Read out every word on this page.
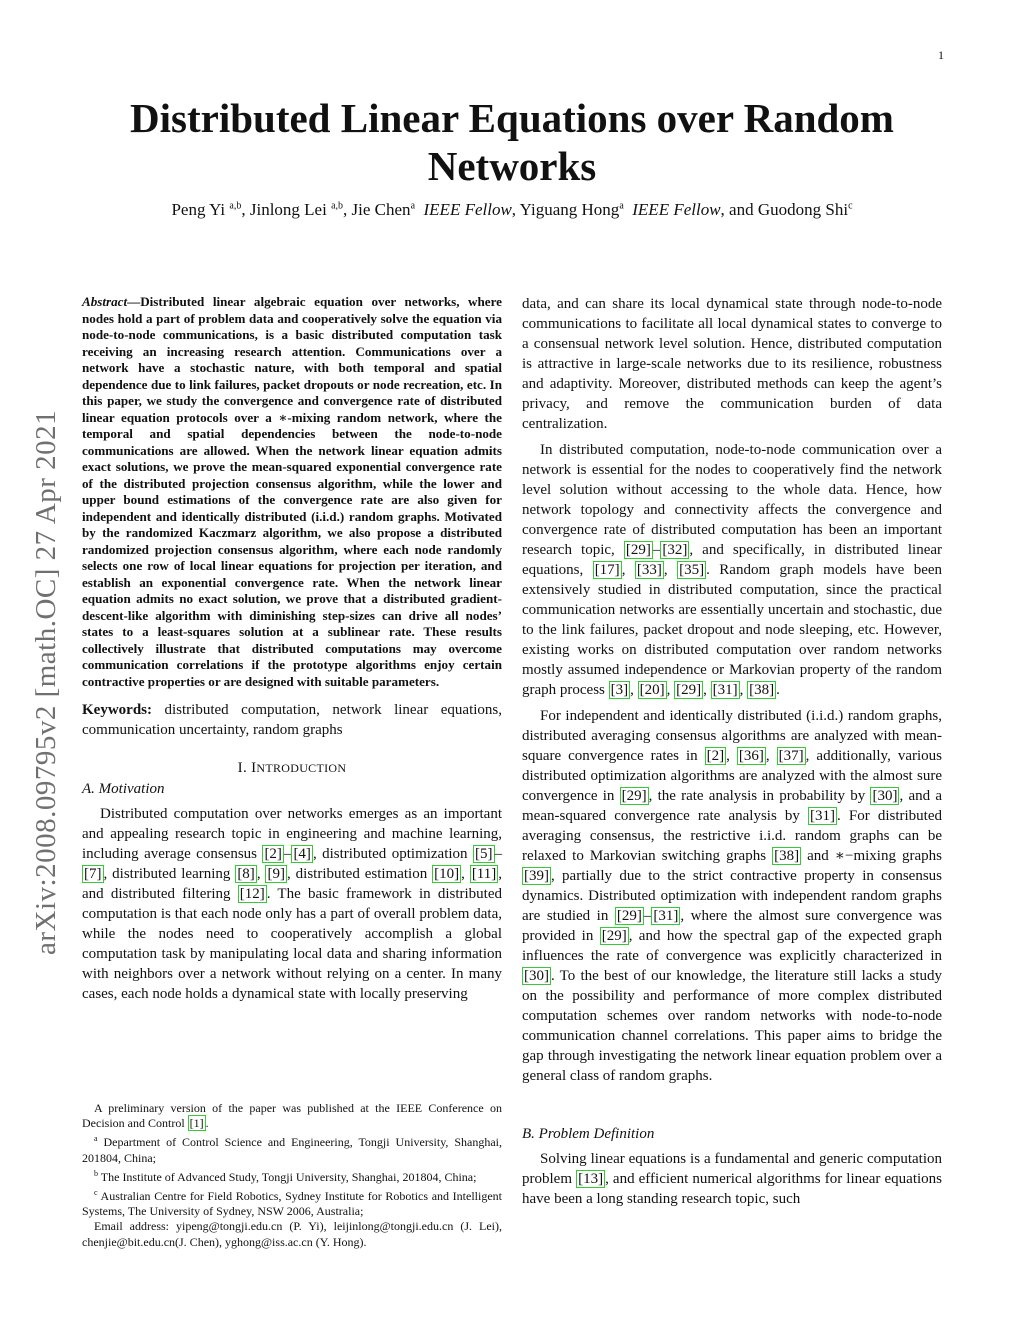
1
Distributed Linear Equations over Random Networks
Peng Yi $^{a,b}$, Jinlong Lei $^{a,b}$, Jie Chen$^a$ IEEE Fellow, Yiguang Hong$^a$ IEEE Fellow, and Guodong Shi$^c$
arXiv:2008.09795v2 [math.OC] 27 Apr 2021
Abstract—Distributed linear algebraic equation over networks, where nodes hold a part of problem data and cooperatively solve the equation via node-to-node communications, is a basic distributed computation task receiving an increasing research attention. Communications over a network have a stochastic nature, with both temporal and spatial dependence due to link failures, packet dropouts or node recreation, etc. In this paper, we study the convergence and convergence rate of distributed linear equation protocols over a ∗-mixing random network, where the temporal and spatial dependencies between the node-to-node communications are allowed. When the network linear equation admits exact solutions, we prove the mean-squared exponential convergence rate of the distributed projection consensus algorithm, while the lower and upper bound estimations of the convergence rate are also given for independent and identically distributed (i.i.d.) random graphs. Motivated by the randomized Kaczmarz algorithm, we also propose a distributed randomized projection consensus algorithm, where each node randomly selects one row of local linear equations for projection per iteration, and establish an exponential convergence rate. When the network linear equation admits no exact solution, we prove that a distributed gradient-descent-like algorithm with diminishing step-sizes can drive all nodes’ states to a least-squares solution at a sublinear rate. These results collectively illustrate that distributed computations may overcome communication correlations if the prototype algorithms enjoy certain contractive properties or are designed with suitable parameters.
Keywords: distributed computation, network linear equations, communication uncertainty, random graphs
I. INTRODUCTION
A. Motivation

Distributed computation over networks emerges as an important and appealing research topic in engineering and machine learning, including average consensus [2] – [4] , distributed optimization [5] –[7] , distributed learning [8] , [9] , distributed estimation [10] , [11] , and distributed filtering [12] . The basic framework in distributed computation is that each node only has a part of overall problem data, while the nodes need to cooperatively accomplish a global computation task by manipulating local data and sharing information with neighbors over a network without relying on a center. In many cases, each node holds a dynamical state with locally preserving

A preliminary version of the paper was published at the IEEE Conference on Decision and Control [1] .

$^a$ Department of Control Science and Engineering, Tongji University, Shanghai, 201804, China;

$^b$ The Institute of Advanced Study, Tongji University, Shanghai, 201804, China;

$^c$ Australian Centre for Field Robotics, Sydney Institute for Robotics and Intelligent Systems, The University of Sydney, NSW 2006, Australia;

Email address: yipeng@tongji.edu.cn (P. Yi), leijinlong@tongji.edu.cn (J. Lei), chenjie@bit.edu.cn(J. Chen), yghong@iss.ac.cn (Y. Hong).

data, and can share its local dynamical state through node-to-node communications to facilitate all local dynamical states to converge to a consensual network level solution. Hence, distributed computation is attractive in large-scale networks due to its resilience, robustness and adaptivity. Moreover, distributed methods can keep the agent’s privacy, and remove the communication burden of data centralization.

In distributed computation, node-to-node communication over a network is essential for the nodes to cooperatively find the network level solution without accessing to the whole data. Hence, how network topology and connectivity affects the convergence and convergence rate of distributed computation has been an important research topic, [29] – [32] , and specifically, in distributed linear equations, [17] , [33] , [35] . Random graph models have been extensively studied in distributed computation, since the practical communication networks are essentially uncertain and stochastic, due to the link failures, packet dropout and node sleeping, etc. However, existing works on distributed computation over random networks mostly assumed independence or Markovian property of the random graph process [3] , [20] , [29] , [31] , [38] .

For independent and identically distributed (i.i.d.) random graphs, distributed averaging consensus algorithms are analyzed with mean-square convergence rates in [2] , [36] , [37] , additionally, various distributed optimization algorithms are analyzed with the almost sure convergence in [29] , the rate analysis in probability by [30] , and a mean-squared convergence rate analysis by [31] . For distributed averaging consensus, the restrictive i.i.d. random graphs can be relaxed to Markovian switching graphs [38] and ∗−mixing graphs [39] , partially due to the strict contractive property in consensus dynamics. Distributed optimization with independent random graphs are studied in [29] – [31] , where the almost sure convergence was provided in [29] , and how the spectral gap of the expected graph influences the rate of convergence was explicitly characterized in [30] . To the best of our knowledge, the literature still lacks a study on the possibility and performance of more complex distributed computation schemes over random networks with node-to-node communication channel correlations. This paper aims to bridge the gap through investigating the network linear equation problem over a general class of random graphs.

B. Problem Definition

Solving linear equations is a fundamental and generic computation problem [13] , and efficient numerical algorithms for linear equations have been a long standing research topic, such
